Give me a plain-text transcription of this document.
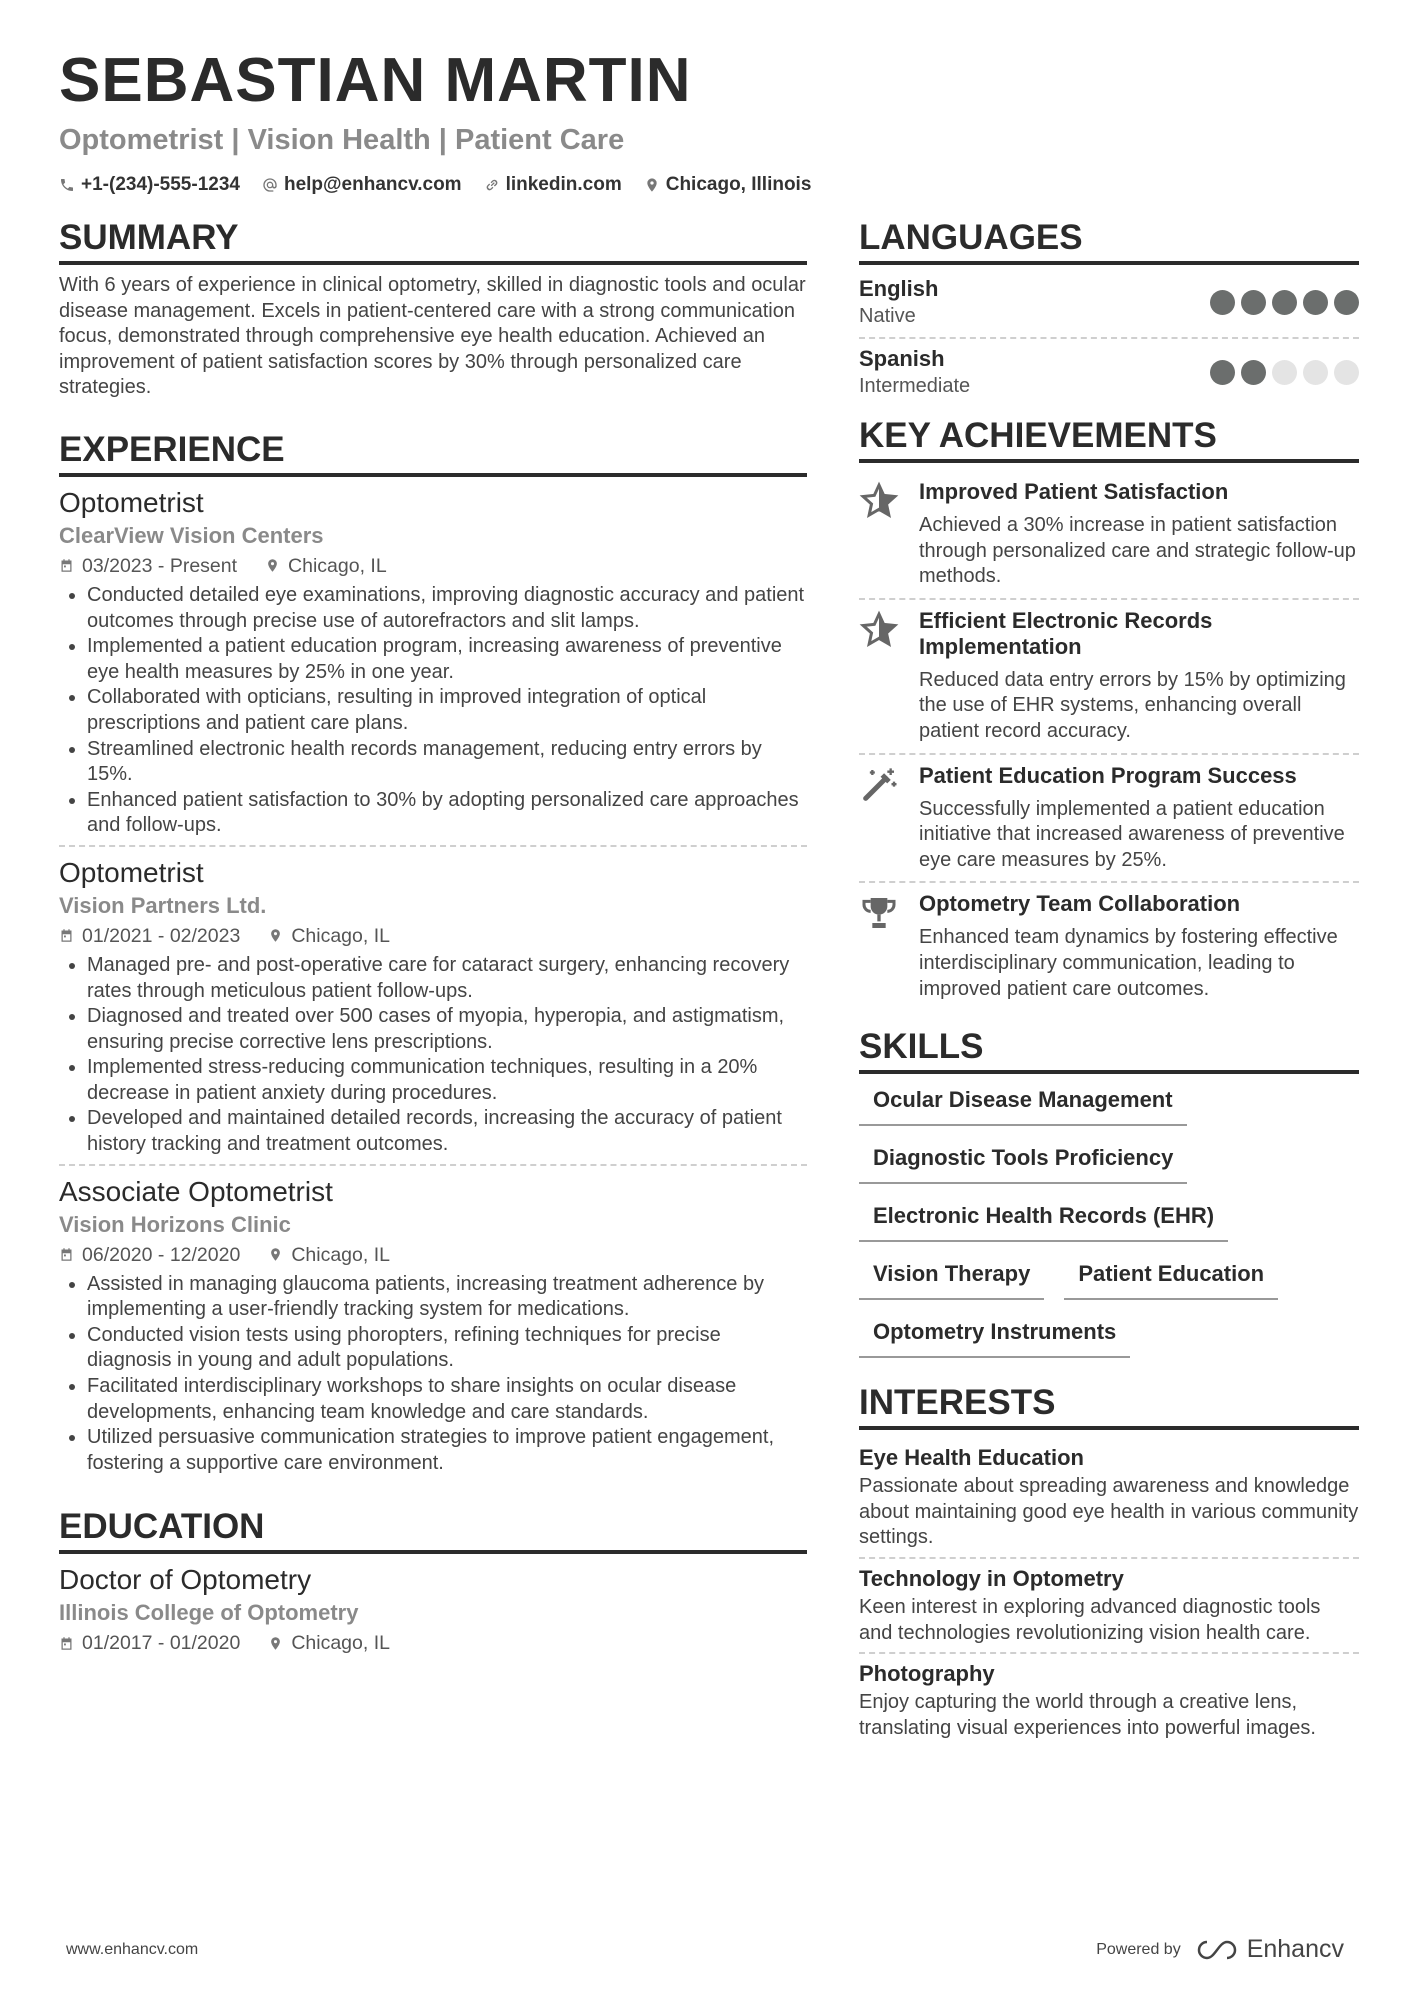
SEBASTIAN MARTIN
Optometrist | Vision Health | Patient Care
+1-(234)-555-1234 help@enhancv.com linkedin.com Chicago, Illinois
SUMMARY

With 6 years of experience in clinical optometry, skilled in diagnostic tools and ocular disease management. Excels in patient-centered care with a strong communication focus, demonstrated through comprehensive eye health education. Achieved an improvement of patient satisfaction scores by 30% through personalized care strategies.

EXPERIENCE
Optometrist
ClearView Vision Centers
03/2023 - Present	Chicago, IL
• Conducted detailed eye examinations, improving diagnostic accuracy and patient outcomes through precise use of autorefractors and slit lamps.
• Implemented a patient education program, increasing awareness of preventive eye health measures by 25% in one year.
• Collaborated with opticians, resulting in improved integration of optical prescriptions and patient care plans.
• Streamlined electronic health records management, reducing entry errors by 15%.
• Enhanced patient satisfaction to 30% by adopting personalized care approaches and follow-ups.
Optometrist
Vision Partners Ltd.
01/2021 - 02/2023	Chicago, IL
• Managed pre- and post-operative care for cataract surgery, enhancing recovery rates through meticulous patient follow-ups.
• Diagnosed and treated over 500 cases of myopia, hyperopia, and astigmatism, ensuring precise corrective lens prescriptions.
• Implemented stress-reducing communication techniques, resulting in a 20% decrease in patient anxiety during procedures.
• Developed and maintained detailed records, increasing the accuracy of patient history tracking and treatment outcomes.
Associate Optometrist
Vision Horizons Clinic
06/2020 - 12/2020	Chicago, IL
• Assisted in managing glaucoma patients, increasing treatment adherence by implementing a user-friendly tracking system for medications.
• Conducted vision tests using phoropters, refining techniques for precise diagnosis in young and adult populations.
• Facilitated interdisciplinary workshops to share insights on ocular disease developments, enhancing team knowledge and care standards.
• Utilized persuasive communication strategies to improve patient engagement, fostering a supportive care environment.
EDUCATION
Doctor of Optometry
Illinois College of Optometry
01/2017 - 01/2020	Chicago, IL
LANGUAGES
English
Native
Spanish
Intermediate
KEY ACHIEVEMENTS
Improved Patient Satisfaction
Achieved a 30% increase in patient satisfaction through personalized care and strategic follow-up methods.
Efficient Electronic Records Implementation
Reduced data entry errors by 15% by optimizing the use of EHR systems, enhancing overall patient record accuracy.
Patient Education Program Success
Successfully implemented a patient education initiative that increased awareness of preventive eye care measures by 25%.
Optometry Team Collaboration
Enhanced team dynamics by fostering effective interdisciplinary communication, leading to improved patient care outcomes.
SKILLS
Ocular Disease Management
Diagnostic Tools Proficiency
Electronic Health Records (EHR)
Vision Therapy	Patient Education
Optometry Instruments
INTERESTS
Eye Health Education
Passionate about spreading awareness and knowledge about maintaining good eye health in various community settings.
Technology in Optometry
Keen interest in exploring advanced diagnostic tools and technologies revolutionizing vision health care.
Photography
Enjoy capturing the world through a creative lens, translating visual experiences into powerful images.
www.enhancv.com	Powered by	Enhancv
